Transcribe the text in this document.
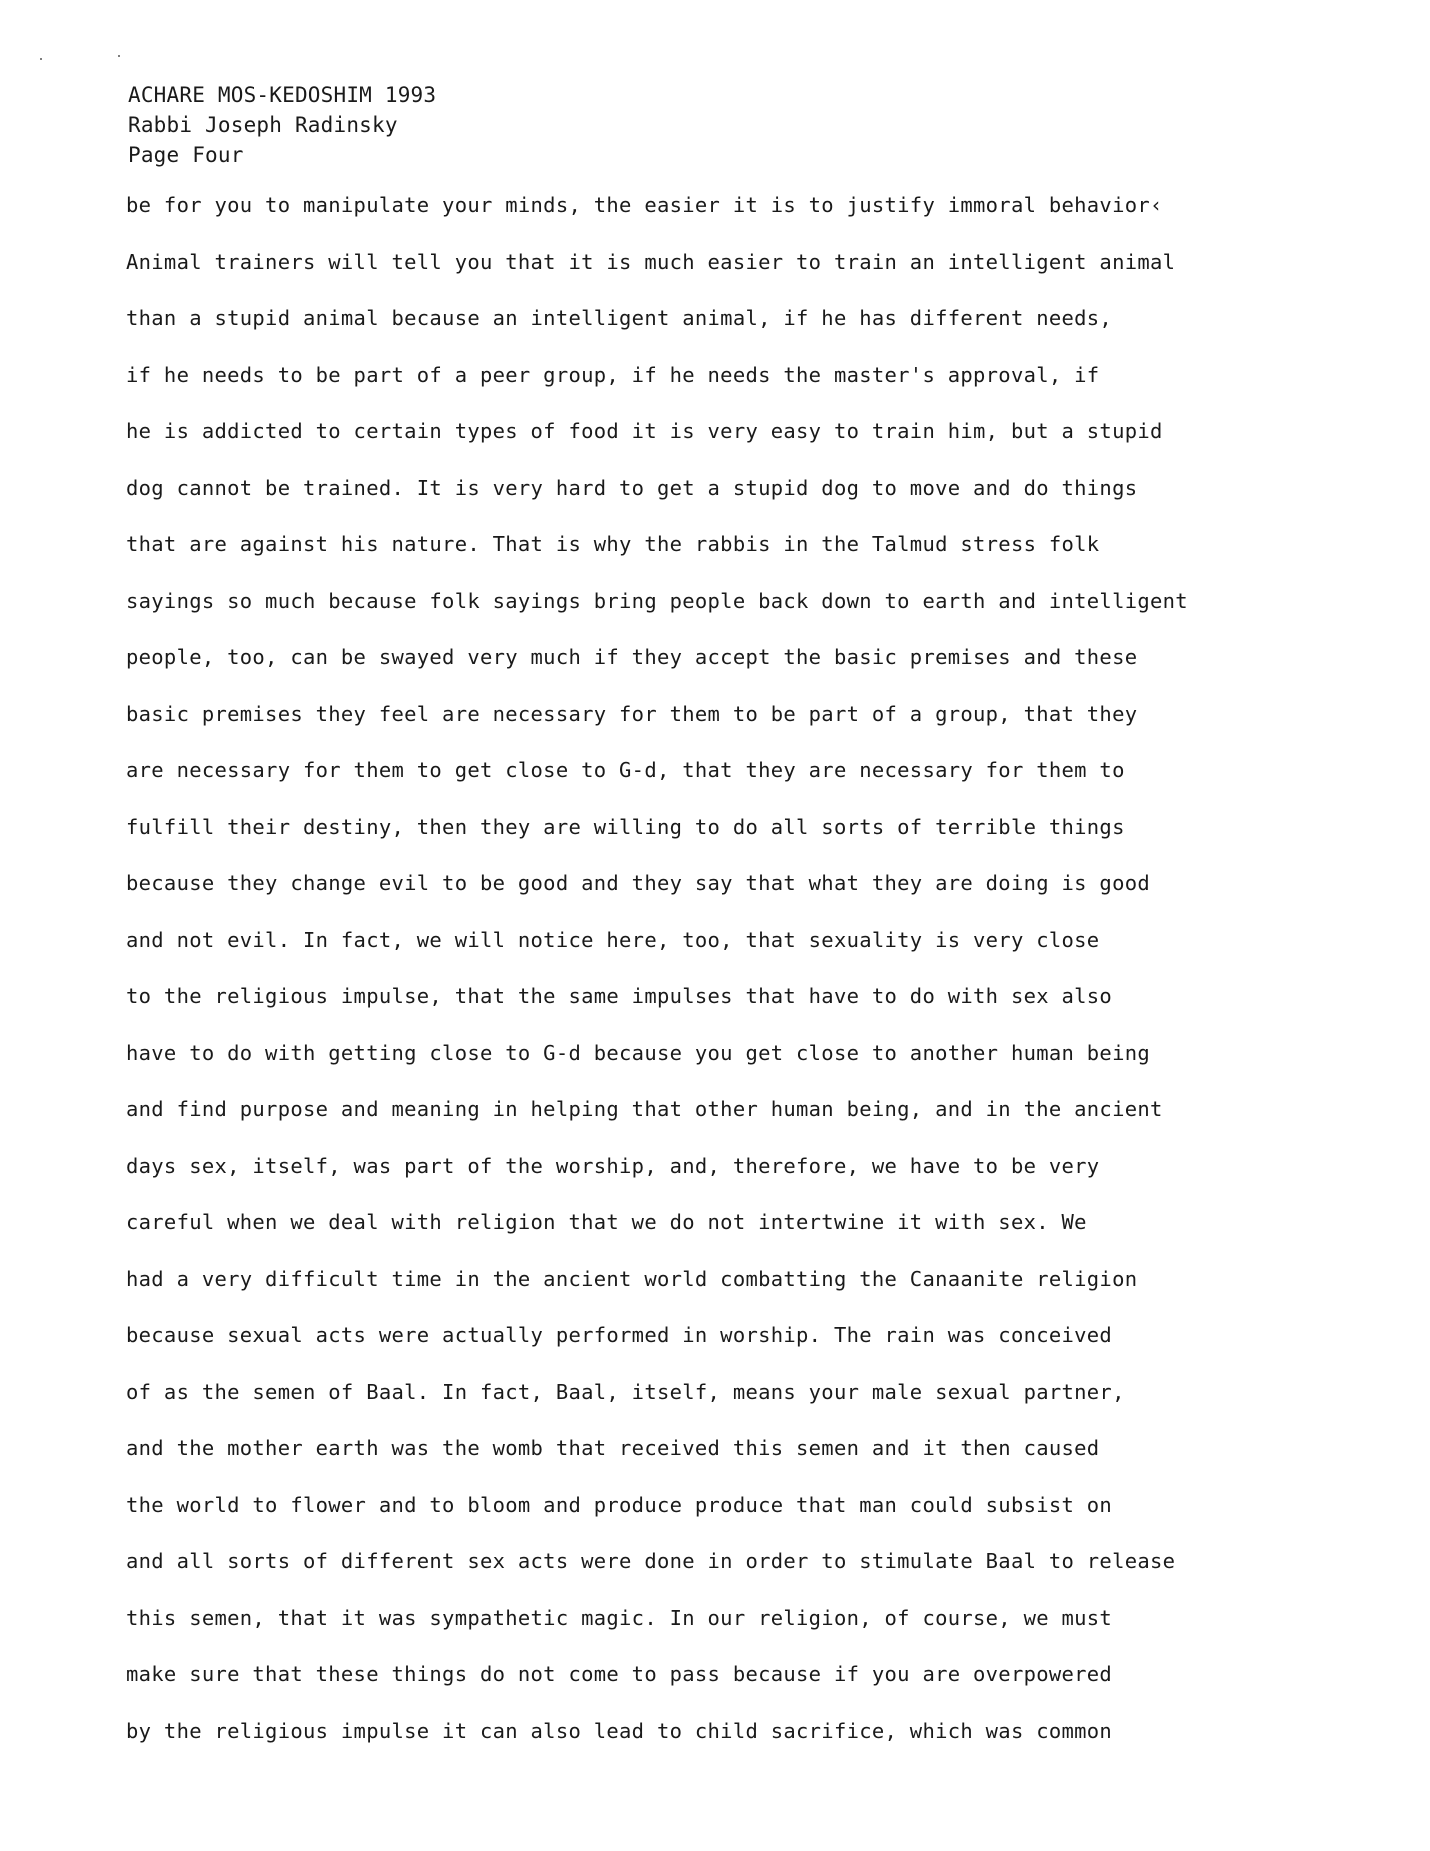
ACHARE MOS-KEDOSHIM 1993
Rabbi Joseph Radinsky
Page Four
be for you to manipulate your minds, the easier it is to justify immoral behavior‹
Animal trainers will tell you that it is much easier to train an intelligent animal
than a stupid animal because an intelligent animal, if he has different needs,
if he needs to be part of a peer group, if he needs the master's approval, if
he is addicted to certain types of food it is very easy to train him, but a stupid
dog cannot be trained. It is very hard to get a stupid dog to move and do things
that are against his nature. That is why the rabbis in the Talmud stress folk
sayings so much because folk sayings bring people back down to earth and intelligent
people, too, can be swayed very much if they accept the basic premises and these
basic premises they feel are necessary for them to be part of a group, that they
are necessary for them to get close to G-d, that they are necessary for them to
fulfill their destiny, then they are willing to do all sorts of terrible things
because they change evil to be good and they say that what they are doing is good
and not evil. In fact, we will notice here, too, that sexuality is very close
to the religious impulse, that the same impulses that have to do with sex also
have to do with getting close to G-d because you get close to another human being
and find purpose and meaning in helping that other human being, and in the ancient
days sex, itself, was part of the worship, and, therefore, we have to be very
careful when we deal with religion that we do not intertwine it with sex. We
had a very difficult time in the ancient world combatting the Canaanite religion
because sexual acts were actually performed in worship. The rain was conceived
of as the semen of Baal. In fact, Baal, itself, means your male sexual partner,
and the mother earth was the womb that received this semen and it then caused
the world to flower and to bloom and produce produce that man could subsist on
and all sorts of different sex acts were done in order to stimulate Baal to release
this semen, that it was sympathetic magic. In our religion, of course, we must
make sure that these things do not come to pass because if you are overpowered
by the religious impulse it can also lead to child sacrifice, which was common
